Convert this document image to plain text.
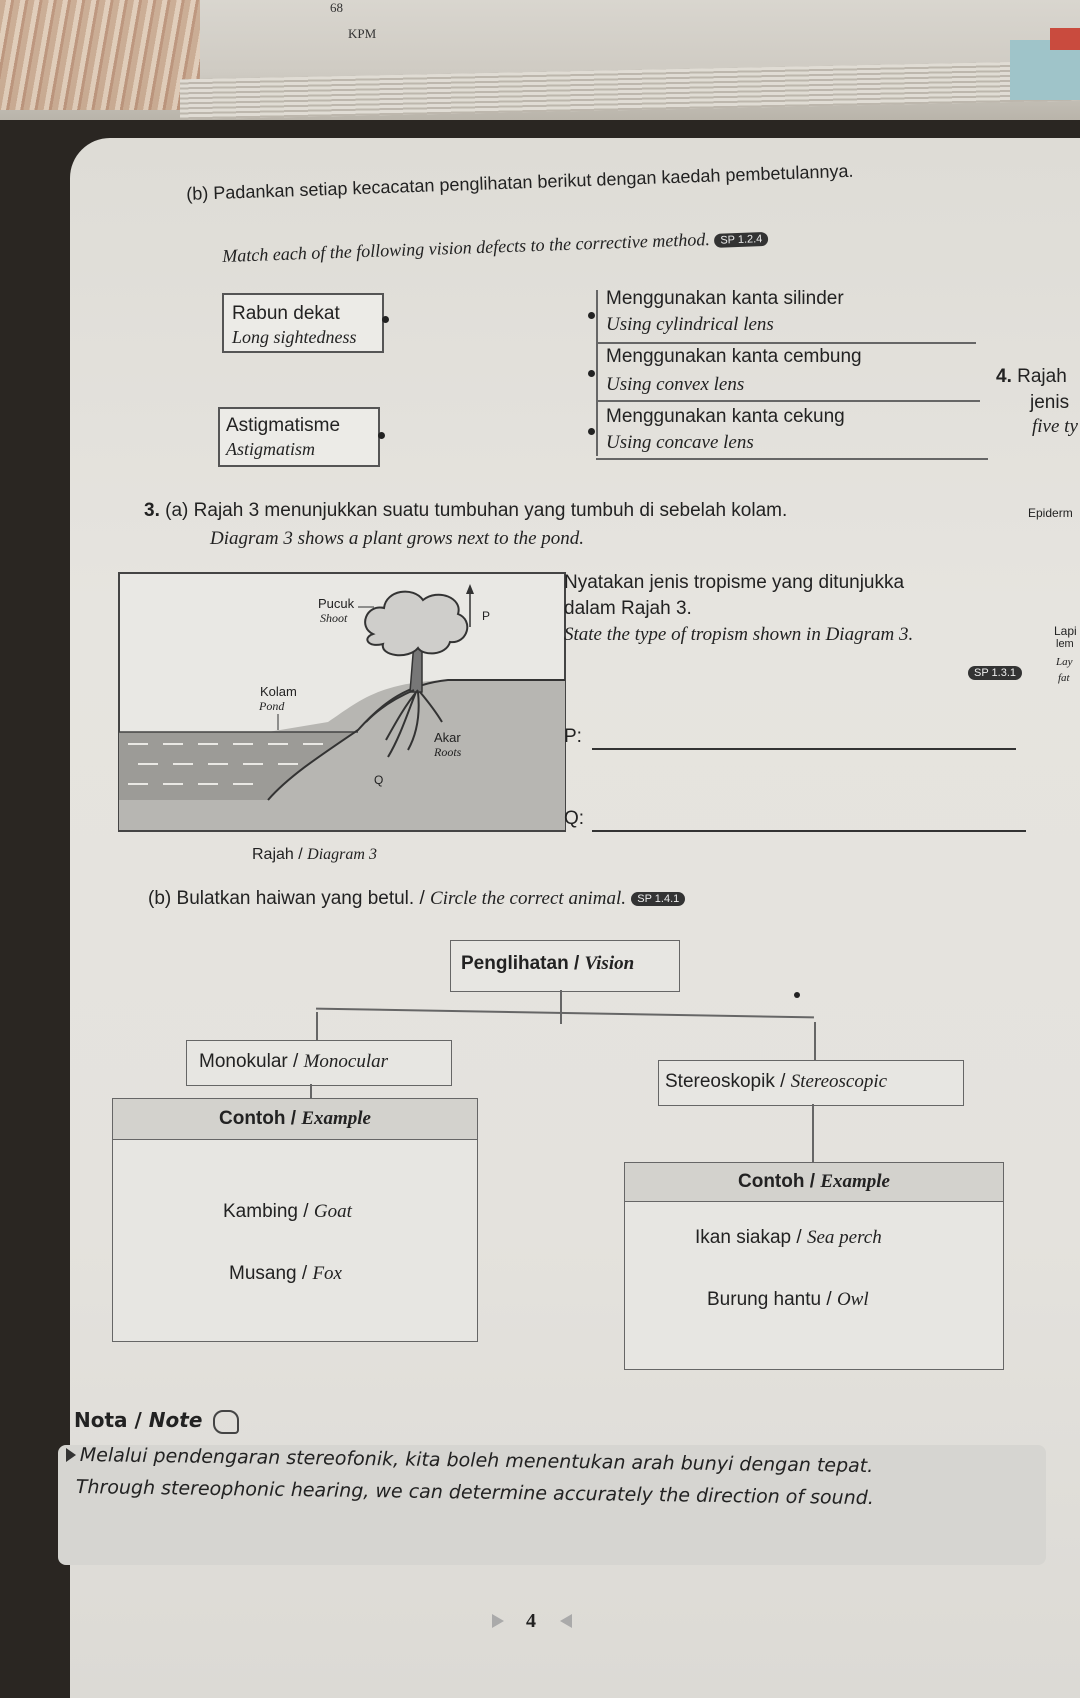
68
KPM
(b) Padankan setiap kecacatan penglihatan berikut dengan kaedah pembetulannya.
Match each of the following vision defects to the corrective method. SP 1.2.4
Rabun dekat
Long sightedness
Astigmatisme
Astigmatism
Menggunakan kanta silinder
Using cylindrical lens
Menggunakan kanta cembung
Using convex lens
Menggunakan kanta cekung
Using concave lens
4. Rajah
jenis
five ty
Epiderm
Lapi
lem
Lay
fat
3. (a) Rajah 3 menunjukkan suatu tumbuhan yang tumbuh di sebelah kolam.
Diagram 3 shows a plant grows next to the pond.
P
Pucuk
Shoot
Kolam
Pond
Akar
Roots
Q
Rajah / Diagram 3
Nyatakan jenis tropisme yang ditunjukka
dalam Rajah 3.
State the type of tropism shown in Diagram 3.
SP 1.3.1
P:
Q:
(b) Bulatkan haiwan yang betul. / Circle the correct animal. SP 1.4.1
Penglihatan / Vision
Monokular / Monocular
Stereoskopik / Stereoscopic
Contoh / Example
Kambing / Goat
Musang / Fox
Contoh / Example
Ikan siakap / Sea perch
Burung hantu / Owl
Nota / Note
Melalui pendengaran stereofonik, kita boleh menentukan arah bunyi dengan tepat.
Through stereophonic hearing, we can determine accurately the direction of sound.
4
